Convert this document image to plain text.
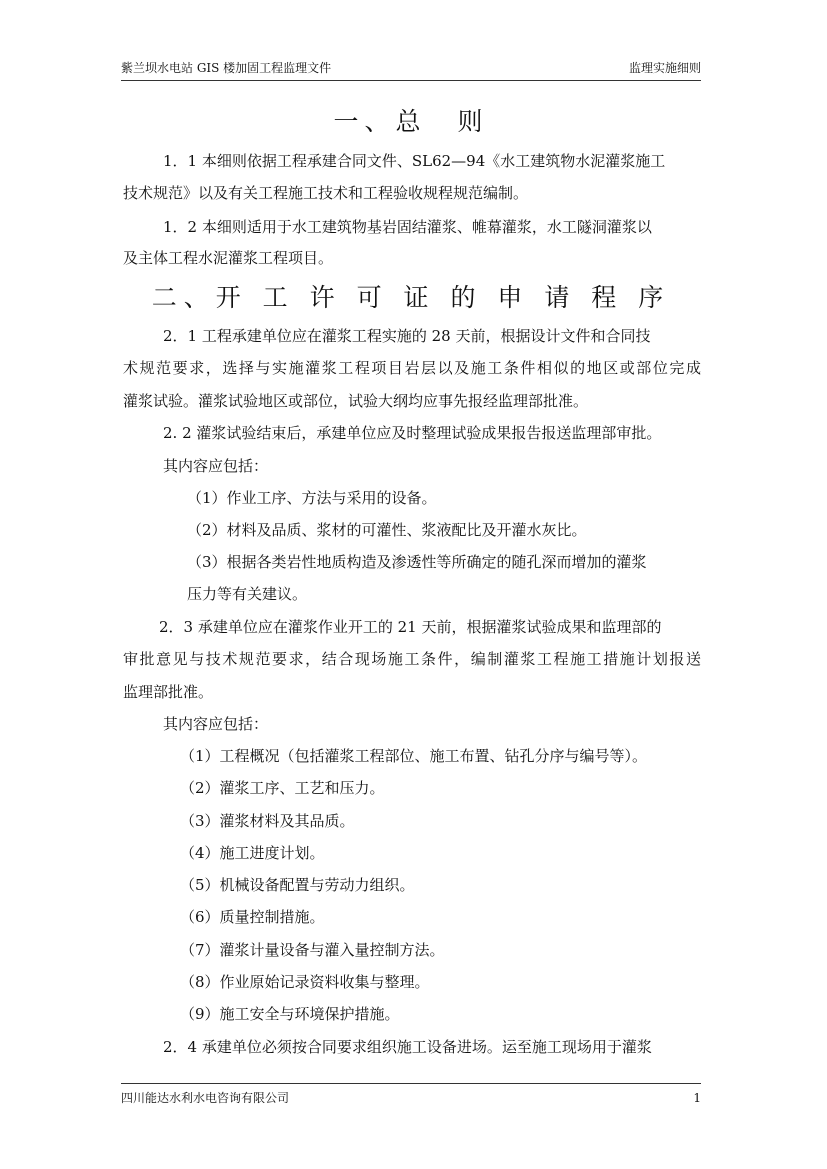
紫兰坝水电站 GIS 楼加固工程监理文件	监理实施细则
一、总　则
1．1 本细则依据工程承建合同文件、SL62—94《水工建筑物水泥灌浆施工
技术规范》以及有关工程施工技术和工程验收规程规范编制。
1．2 本细则适用于水工建筑物基岩固结灌浆、帷幕灌浆，水工隧洞灌浆以
及主体工程水泥灌浆工程项目。
二、开 工 许 可 证 的 申 请 程 序
2．1 工程承建单位应在灌浆工程实施的 28 天前，根据设计文件和合同技
术规范要求，选择与实施灌浆工程项目岩层以及施工条件相似的地区或部位完成
灌浆试验。灌浆试验地区或部位，试验大纲均应事先报经监理部批准。
2. 2 灌浆试验结束后，承建单位应及时整理试验成果报告报送监理部审批。
其内容应包括：
（1）作业工序、方法与采用的设备。
（2）材料及品质、浆材的可灌性、浆液配比及开灌水灰比。
（3）根据各类岩性地质构造及渗透性等所确定的随孔深而增加的灌浆
压力等有关建议。
2．3 承建单位应在灌浆作业开工的 21 天前，根据灌浆试验成果和监理部的
审批意见与技术规范要求，结合现场施工条件，编制灌浆工程施工措施计划报送
监理部批准。
其内容应包括：
（1）工程概况（包括灌浆工程部位、施工布置、钻孔分序与编号等）。
（2）灌浆工序、工艺和压力。
（3）灌浆材料及其品质。
（4）施工进度计划。
（5）机械设备配置与劳动力组织。
（6）质量控制措施。
（7）灌浆计量设备与灌入量控制方法。
（8）作业原始记录资料收集与整理。
（9）施工安全与环境保护措施。
2．4 承建单位必须按合同要求组织施工设备进场。运至施工现场用于灌浆
四川能达水利水电咨询有限公司	1
